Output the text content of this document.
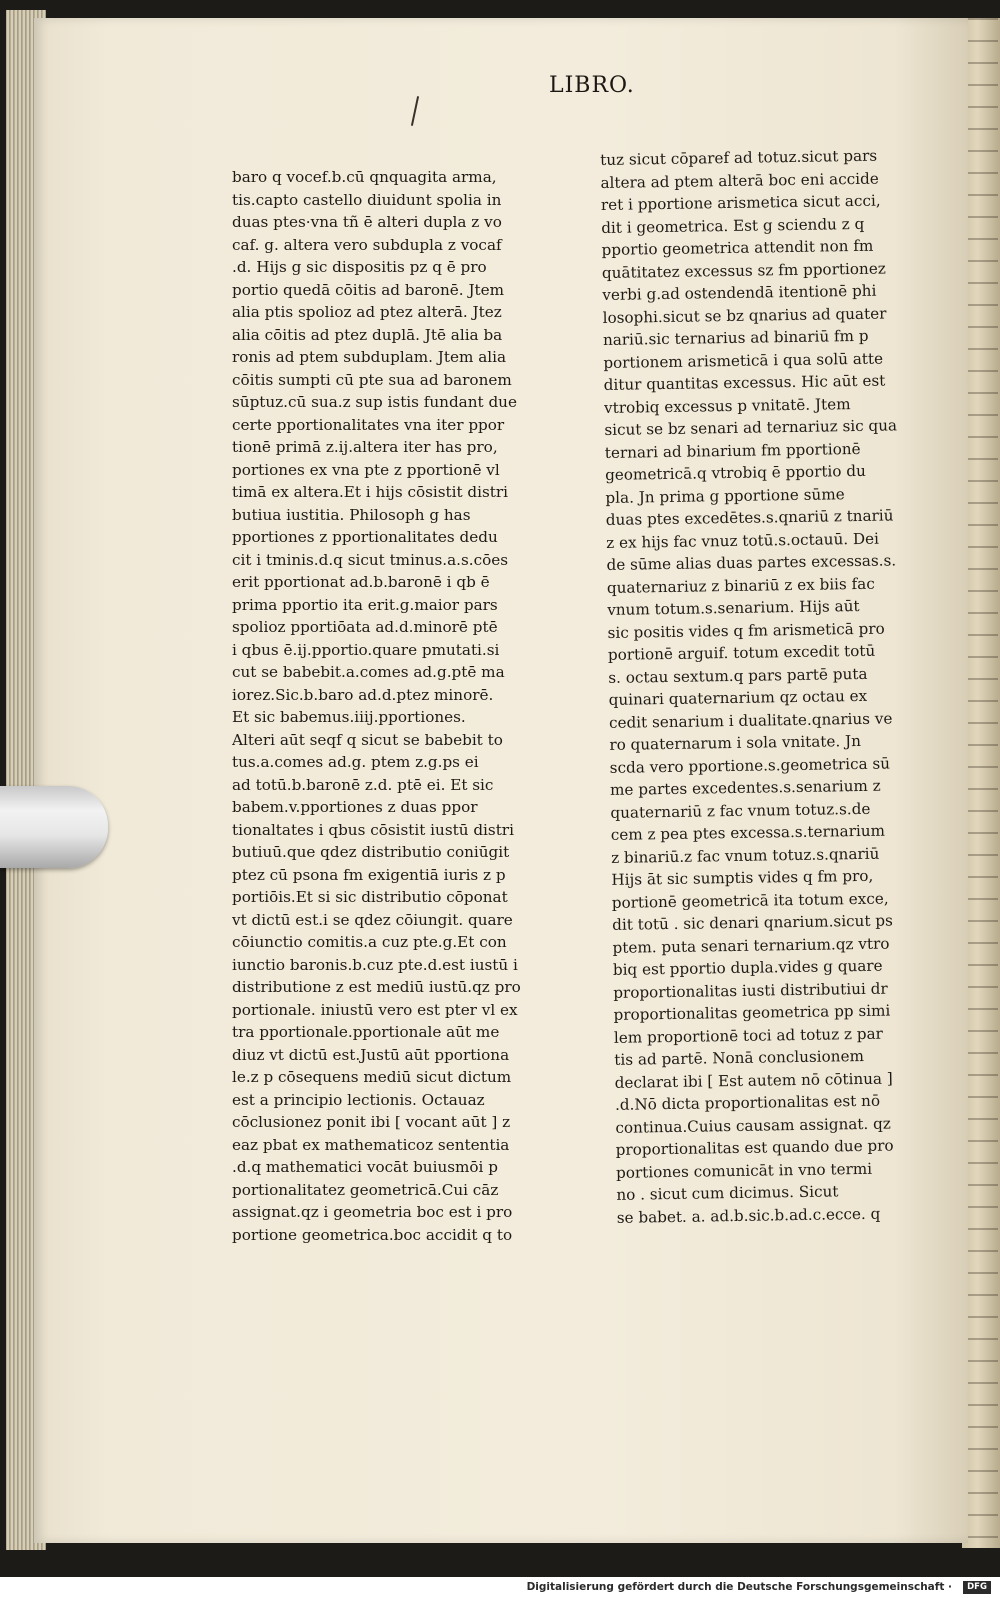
LIBRO.
baro q vocef.b.cū qnquagita arma,
tis.capto castello diuidunt spolia in
duas ptes·vna tñ ē alteri dupla z vo
caf. g. altera vero subdupla z vocaf
.d. Hijs g sic dispositis pz q ē pro
portio quedā cōitis ad baronē. Jtem
alia ptis spolioz ad ptez alterā. Jtez
alia cōitis ad ptez duplā. Jtē alia ba
ronis ad ptem subduplam. Jtem alia
cōitis sumpti cū pte sua ad baronem
sūptuz.cū sua.z sup istis fundant due
certe pportionalitates vna iter ppor
tionē primā z.ij.altera iter has pro,
portiones ex vna pte z pportionē vl
timā ex altera.Et i hijs cōsistit distri
butiua iustitia. Philosoph g has
pportiones z pportionalitates dedu
cit i tminis.d.q sicut tminus.a.s.cōes
erit pportionat ad.b.baronē i qb ē
prima pportio ita erit.g.maior pars
spolioz pportiōata ad.d.minorē ptē
i qbus ē.ij.pportio.quare pmutati.si
cut se babebit.a.comes ad.g.ptē ma
iorez.Sic.b.baro ad.d.ptez minorē.
Et sic babemus.iiij.pportiones.
Alteri aūt seqf q sicut se babebit to
tus.a.comes ad.g. ptem z.g.ps ei
ad totū.b.baronē z.d. ptē ei. Et sic
babem.v.pportiones z duas ppor
tionaltates i qbus cōsistit iustū distri
butiuū.que qdez distributio coniūgit
ptez cū psona fm exigentiā iuris z p
portiōis.Et si sic distributio cōponat
vt dictū est.i se qdez cōiungit. quare
cōiunctio comitis.a cuz pte.g.Et con
iunctio baronis.b.cuz pte.d.est iustū i
distributione z est mediū iustū.qz pro
portionale. iniustū vero est pter vl ex
tra pportionale.pportionale aūt me
diuz vt dictū est.Justū aūt pportiona
le.z p cōsequens mediū sicut dictum
est a principio lectionis. Octauaz
cōclusionez ponit ibi [ vocant aūt ] z
eaz pbat ex mathematicoz sententia
.d.q mathematici vocāt buiusmōi p
portionalitatez geometricā.Cui cāz
assignat.qz i geometria boc est i pro
portione geometrica.boc accidit q to
tuz sicut cōparef ad totuz.sicut pars
altera ad ptem alterā boc eni accide
ret i pportione arismetica sicut acci,
dit i geometrica. Est g sciendu z q
pportio geometrica attendit non fm
quātitatez excessus sz fm pportionez
verbi g.ad ostendendā itentionē phi
losophi.sicut se bz qnarius ad quater
nariū.sic ternarius ad binariū fm p
portionem arismeticā i qua solū atte
ditur quantitas excessus. Hic aūt est
vtrobiq excessus p vnitatē. Jtem
sicut se bz senari ad ternariuz sic qua
ternari ad binarium fm pportionē
geometricā.q vtrobiq ē pportio du
pla. Jn prima g pportione sūme
duas ptes excedētes.s.qnariū z tnariū
z ex hijs fac vnuz totū.s.octauū. Dei
de sūme alias duas partes excessas.s.
quaternariuz z binariū z ex biis fac
vnum totum.s.senarium. Hijs aūt
sic positis vides q fm arismeticā pro
portionē arguif. totum excedit totū
s. octau sextum.q pars partē puta
quinari quaternarium qz octau ex
cedit senarium i dualitate.qnarius ve
ro quaternarum i sola vnitate. Jn
scda vero pportione.s.geometrica sū
me partes excedentes.s.senarium z
quaternariū z fac vnum totuz.s.de
cem z pea ptes excessa.s.ternarium
z binariū.z fac vnum totuz.s.qnariū
Hijs āt sic sumptis vides q fm pro,
portionē geometricā ita totum exce,
dit totū . sic denari qnarium.sicut ps
ptem. puta senari ternarium.qz vtro
biq est pportio dupla.vides g quare
proportionalitas iusti distributiui dr
proportionalitas geometrica pp simi
lem proportionē toci ad totuz z par
tis ad partē. Nonā conclusionem
declarat ibi [ Est autem nō cōtinua ]
.d.Nō dicta proportionalitas est nō
continua.Cuius causam assignat. qz
proportionalitas est quando due pro
portiones comunicāt in vno termi
no . sicut cum dicimus. Sicut
se babet. a. ad.b.sic.b.ad.c.ecce. q
Digitalisierung gefördert durch die Deutsche Forschungsgemeinschaft ·	DFG
